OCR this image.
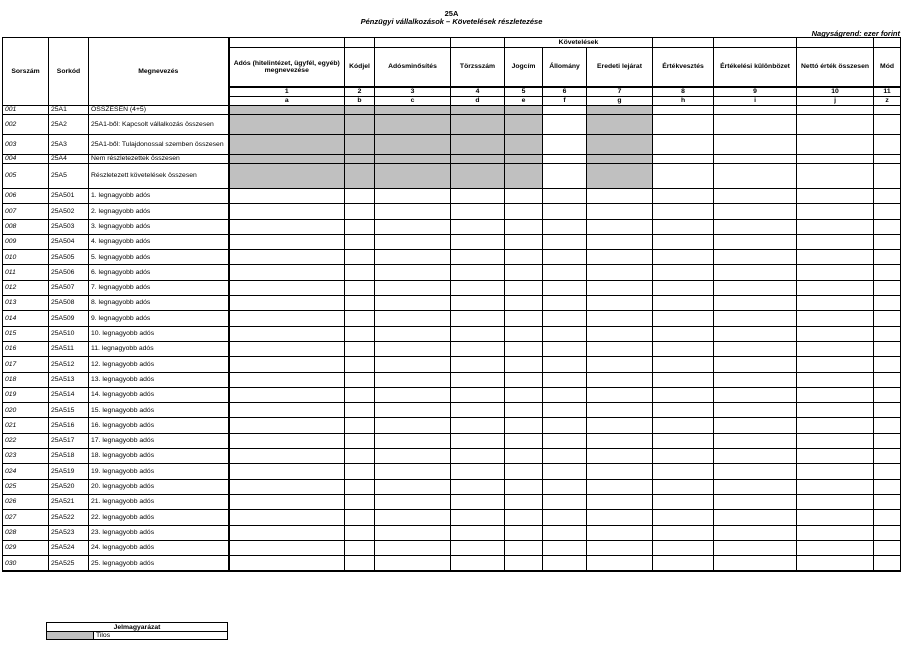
25A
Pénzügyi vállalkozások – Követelések részletezése
Nagyságrend: ezer forint
Sorszám	Sorkód	Megnevezés					Követelések						
			Adós (hitelintézet, ügyfél, egyéb) megnevezése	Kódjel	Adósminősítés	Törzsszám	Jogcím	Állomány	Eredeti lejárat	Értékvesztés	Értékelési különbözet	Nettó érték összesen	Mód
			1	2	3	4	5	6	7	8	9	10	11
			a	b	c	d	e	f	g	h	i	j	z
001	25A1	ÖSSZESEN (4+5)											
002	25A2	25A1-ből: Kapcsolt vállalkozás összesen											
003	25A3	25A1-ből: Tulajdonossal szemben összesen											
004	25A4	Nem részletezettek összesen											
005	25A5	Részletezett követelések összesen											
006	25A501	1. legnagyobb adós											
007	25A502	2. legnagyobb adós											
008	25A503	3. legnagyobb adós											
009	25A504	4. legnagyobb adós											
010	25A505	5. legnagyobb adós											
011	25A506	6. legnagyobb adós											
012	25A507	7. legnagyobb adós											
013	25A508	8. legnagyobb adós											
014	25A509	9. legnagyobb adós											
015	25A510	10. legnagyobb adós											
016	25A511	11. legnagyobb adós											
017	25A512	12. legnagyobb adós											
018	25A513	13. legnagyobb adós											
019	25A514	14. legnagyobb adós											
020	25A515	15. legnagyobb adós											
021	25A516	16. legnagyobb adós											
022	25A517	17. legnagyobb adós											
023	25A518	18. legnagyobb adós											
024	25A519	19. legnagyobb adós											
025	25A520	20. legnagyobb adós											
026	25A521	21. legnagyobb adós											
027	25A522	22. legnagyobb adós											
028	25A523	23. legnagyobb adós											
029	25A524	24. legnagyobb adós											
030	25A525	25. legnagyobb adós											
Jelmagyarázat
	Tilos
